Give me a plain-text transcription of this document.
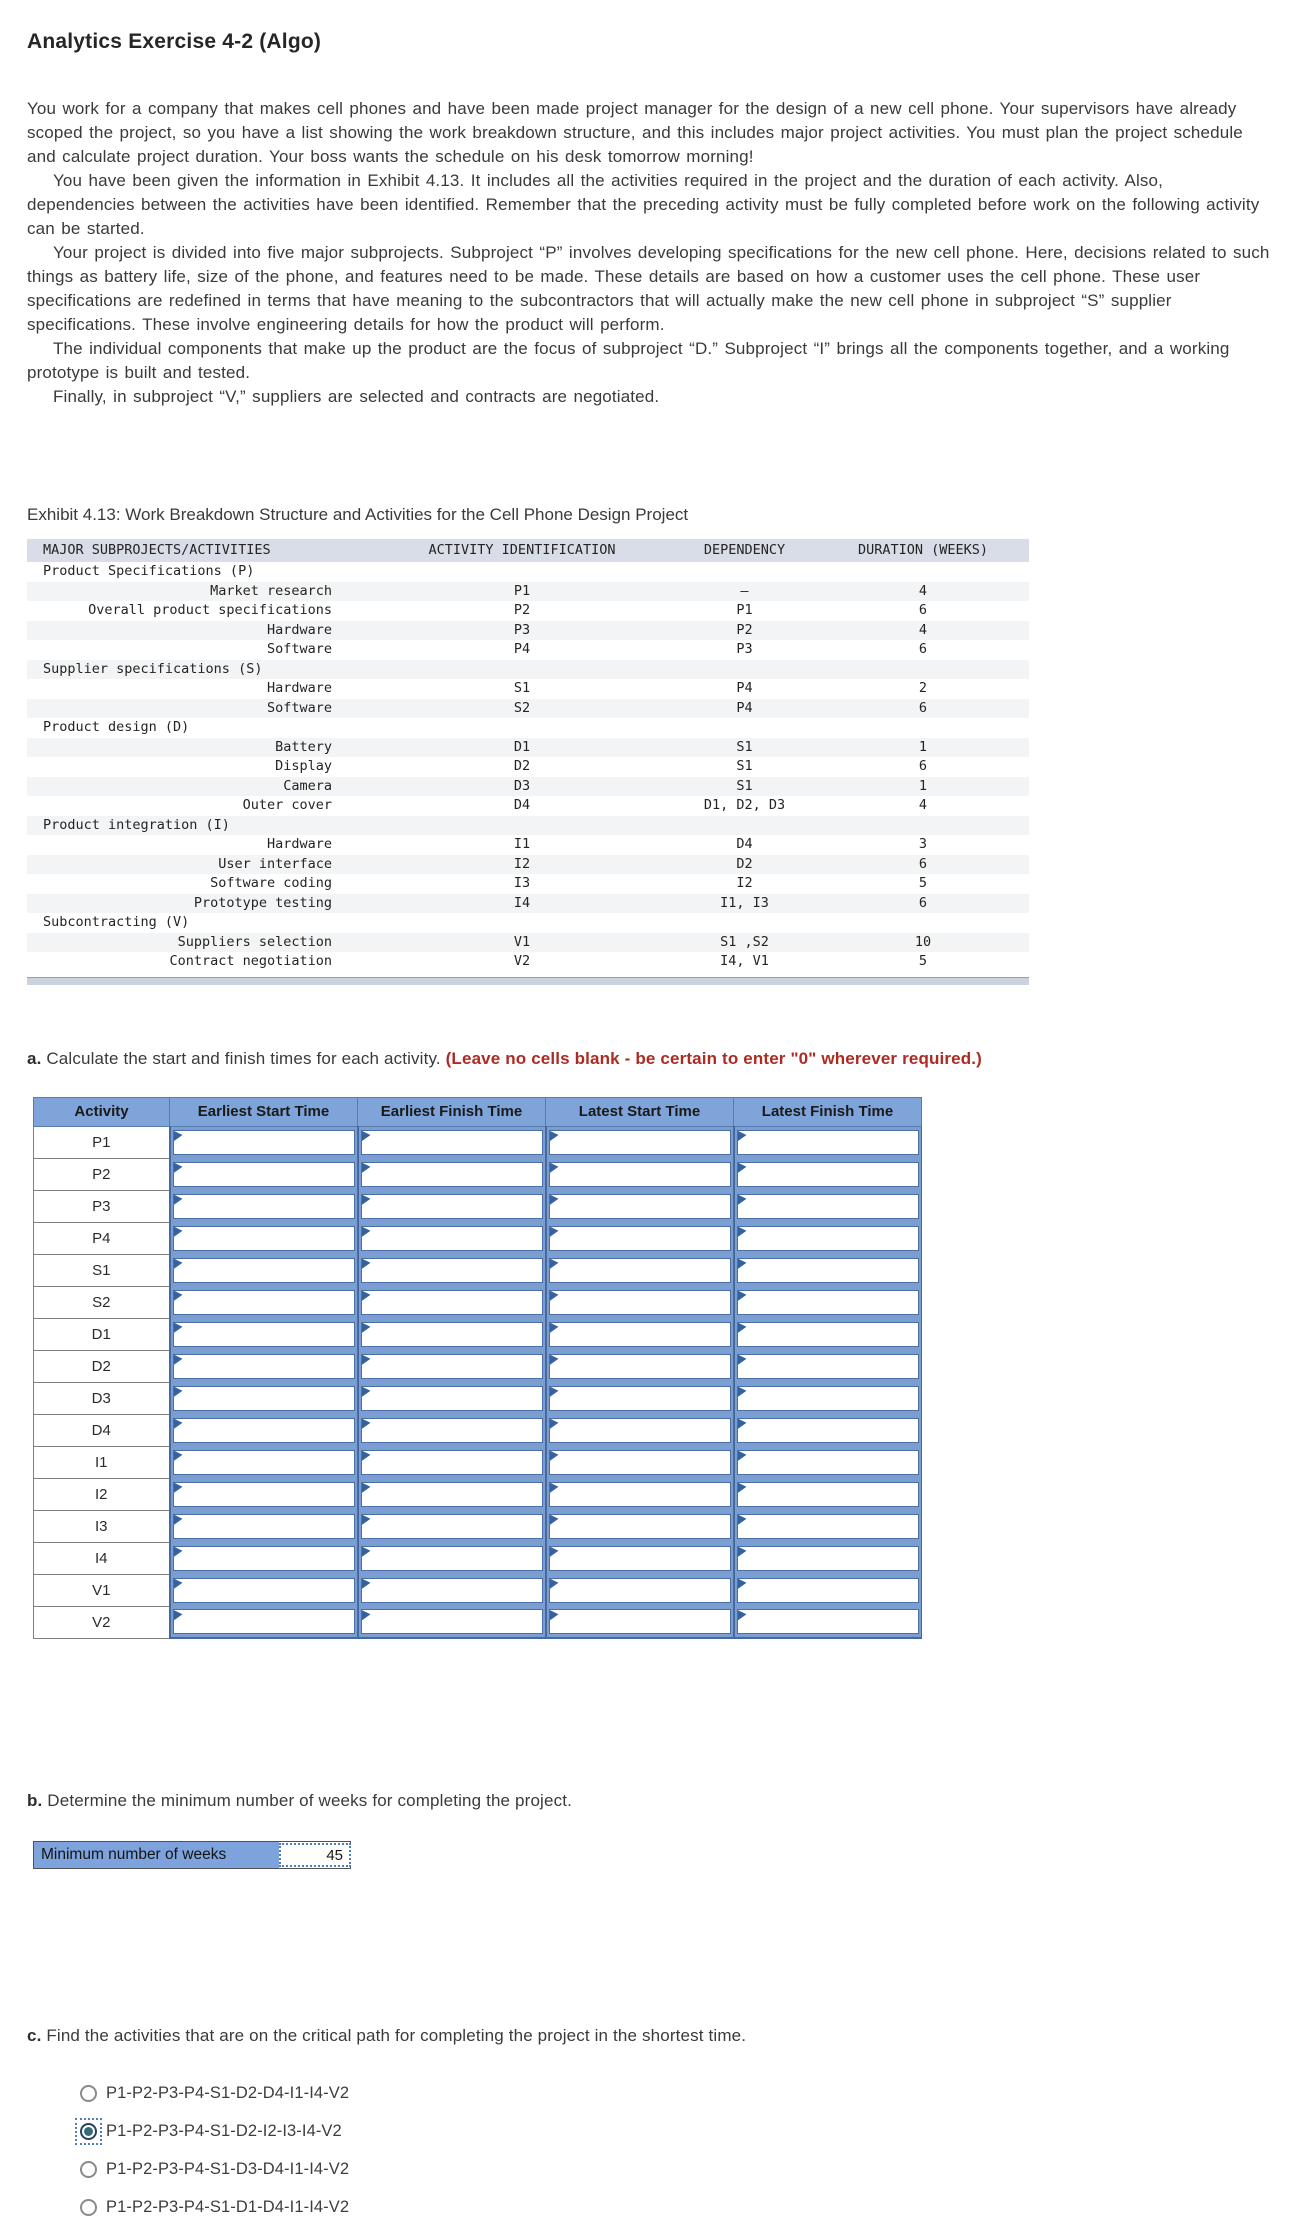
Analytics Exercise 4-2 (Algo)

You work for a company that makes cell phones and have been made project manager for the design of a new cell phone. Your supervisors have already scoped the project, so you have a list showing the work breakdown structure, and this includes major project activities. You must plan the project schedule and calculate project duration. Your boss wants the schedule on his desk tomorrow morning!

You have been given the information in Exhibit 4.13. It includes all the activities required in the project and the duration of each activity. Also, dependencies between the activities have been identified. Remember that the preceding activity must be fully completed before work on the following activity can be started.

Your project is divided into five major subprojects. Subproject “P” involves developing specifications for the new cell phone. Here, decisions related to such things as battery life, size of the phone, and features need to be made. These details are based on how a customer uses the cell phone. These user specifications are redefined in terms that have meaning to the subcontractors that will actually make the new cell phone in subproject “S” supplier specifications. These involve engineering details for how the product will perform.

The individual components that make up the product are the focus of subproject “D.” Subproject “I” brings all the components together, and a working prototype is built and tested.

Finally, in subproject “V,” suppliers are selected and contracts are negotiated.

Exhibit 4.13: Work Breakdown Structure and Activities for the Cell Phone Design Project

MAJOR SUBPROJECTS/ACTIVITIES	ACTIVITY IDENTIFICATION	DEPENDENCY	DURATION (WEEKS)
Product Specifications (P)
Market research	P1	–	4
Overall product specifications	P2	P1	6
Hardware	P3	P2	4
Software	P4	P3	6
Supplier specifications (S)
Hardware	S1	P4	2
Software	S2	P4	6
Product design (D)
Battery	D1	S1	1
Display	D2	S1	6
Camera	D3	S1	1
Outer cover	D4	D1, D2, D3	4
Product integration (I)
Hardware	I1	D4	3
User interface	I2	D2	6
Software coding	I3	I2	5
Prototype testing	I4	I1, I3	6
Subcontracting (V)
Suppliers selection	V1	S1 ,S2	10
Contract negotiation	V2	I4, V1	5

a. Calculate the start and finish times for each activity. (Leave no cells blank - be certain to enter "0" wherever required.)

Activity	Earliest Start Time	Earliest Finish Time	Latest Start Time	Latest Finish Time
P1	

P2	

P3	

P4	

S1	

S2	

D1	

D2	

D3	

D4	

I1	

I2	

I3	

I4	

V1	

V2	

b. Determine the minimum number of weeks for completing the project.

Minimum number of weeks
45

c. Find the activities that are on the critical path for completing the project in the shortest time.

P1-P2-P3-P4-S1-D2-D4-I1-I4-V2
P1-P2-P3-P4-S1-D2-I2-I3-I4-V2
P1-P2-P3-P4-S1-D3-D4-I1-I4-V2
P1-P2-P3-P4-S1-D1-D4-I1-I4-V2
